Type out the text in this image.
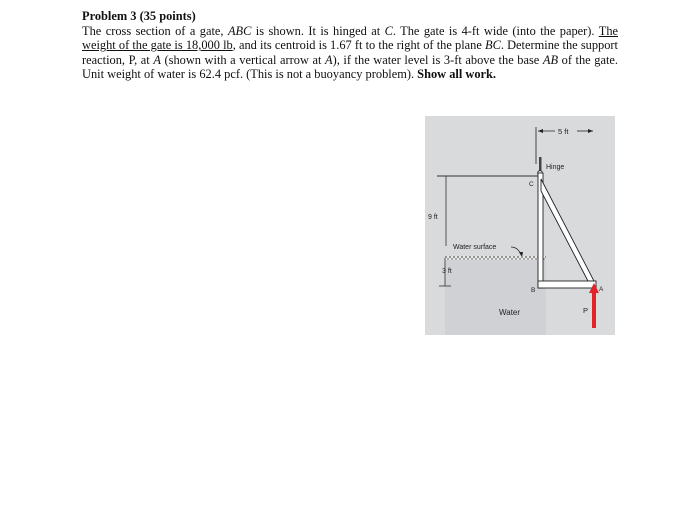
Problem 3 (35 points)

The cross section of a gate, ABC is shown. It is hinged at C. The gate is 4-ft wide (into the paper). The weight of the gate is 18,000 lb, and its centroid is 1.67 ft to the right of the plane BC. Determine the support reaction, P, at A (shown with a vertical arrow at A), if the water level is 3-ft above the base AB of the gate. Unit weight of water is 62.4 pcf. (This is not a buoyancy problem). Show all work.

5 ft
Hinge
C
9 ft
Water surface
3 ft
B	A
P
Water
